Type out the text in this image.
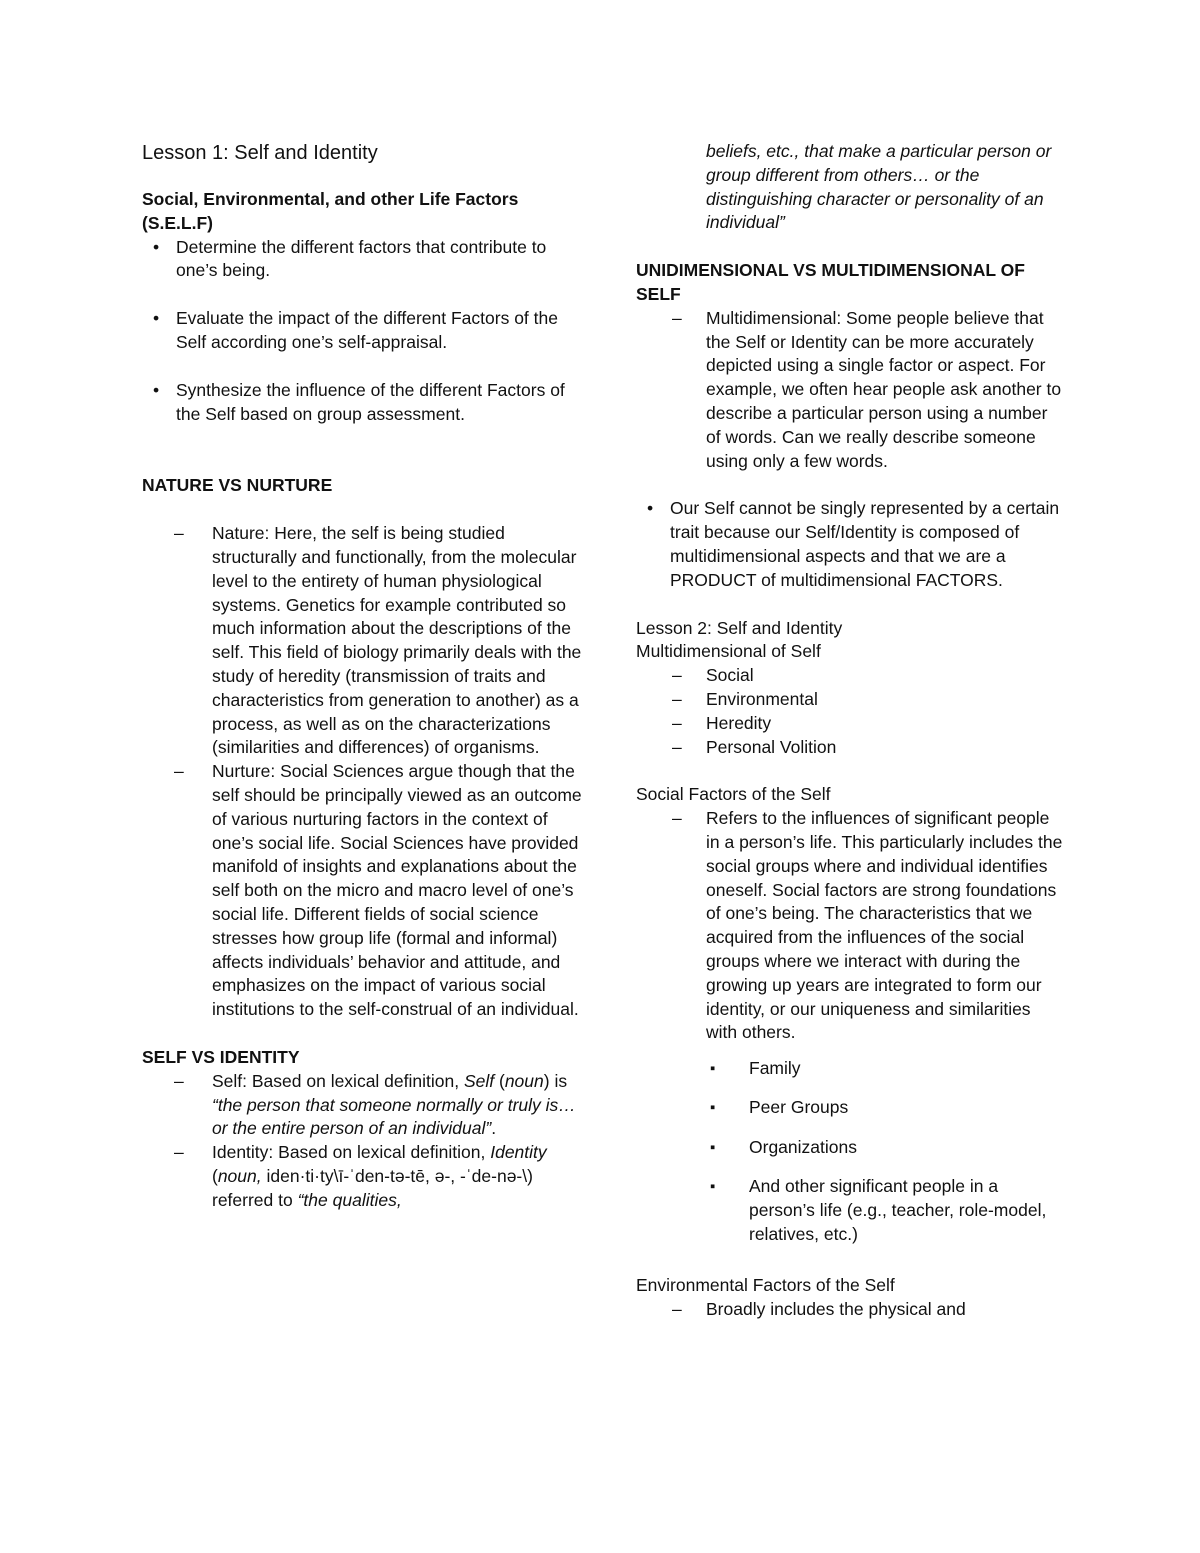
Lesson 1: Self and Identity
Social, Environmental, and other Life Factors (S.E.L.F)
• Determine the different factors that contribute to one’s being.
• Evaluate the impact of the different Factors of the Self according one’s self-appraisal.
• Synthesize the influence of the different Factors of the Self based on group assessment.
NATURE VS NURTURE
– Nature: Here, the self is being studied structurally and functionally, from the molecular level to the entirety of human physiological systems. Genetics for example contributed so much information about the descriptions of the self. This field of biology primarily deals with the study of heredity (transmission of traits and characteristics from generation to another) as a process, as well as on the characterizations (similarities and differences) of organisms.
– Nurture: Social Sciences argue though that the self should be principally viewed as an outcome of various nurturing factors in the context of one’s social life. Social Sciences have provided manifold of insights and explanations about the self both on the micro and macro level of one’s social life. Different fields of social science stresses how group life (formal and informal) affects individuals’ behavior and attitude, and emphasizes on the impact of various social institutions to the self-construal of an individual.
SELF VS IDENTITY
– Self: Based on lexical definition, Self (noun) is “the person that someone normally or truly is… or the entire person of an individual”.
– Identity: Based on lexical definition, Identity (noun, iden·ti·ty\ī-ˈden-tə-tē, ə-, -ˈde-nə-\) referred to “the qualities,
beliefs, etc., that make a particular person or group different from others… or the distinguishing character or personality of an individual”
UNIDIMENSIONAL VS MULTIDIMENSIONAL OF SELF
– Multidimensional: Some people believe that the Self or Identity can be more accurately depicted using a single factor or aspect. For example, we often hear people ask another to describe a particular person using a number of words. Can we really describe someone using only a few words.
• Our Self cannot be singly represented by a certain trait because our Self/Identity is composed of multidimensional aspects and that we are a PRODUCT of multidimensional FACTORS.
Lesson 2: Self and Identity
Multidimensional of Self
– Social
– Environmental
– Heredity
– Personal Volition
Social Factors of the Self
– Refers to the influences of significant people in a person’s life. This particularly includes the social groups where and individual identifies oneself. Social factors are strong foundations of one’s being. The characteristics that we acquired from the influences of the social groups where we interact with during the growing up years are integrated to form our identity, or our uniqueness and similarities with others.
▪ Family
▪ Peer Groups
▪ Organizations
▪ And other significant people in a person’s life (e.g., teacher, role-model, relatives, etc.)
Environmental Factors of the Self
– Broadly includes the physical and
